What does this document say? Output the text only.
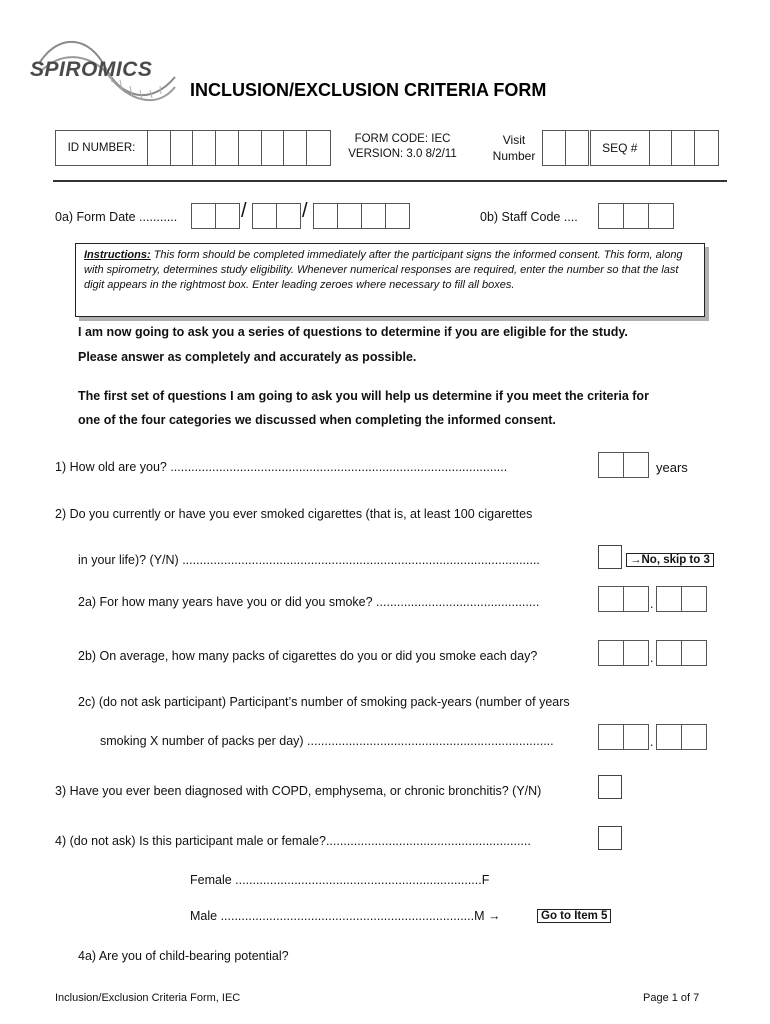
SPIROMICS
INCLUSION/EXCLUSION CRITERIA FORM
ID NUMBER:
FORM CODE: IEC
VERSION: 3.0 8/2/11
Visit
Number
SEQ #
0a) Form Date ...........	/	/	0b) Staff Code ....
Instructions: This form should be completed immediately after the participant signs the informed consent. This form, along with spirometry, determines study eligibility. Whenever numerical responses are required, enter the number so that the last digit appears in the rightmost box. Enter leading zeroes where necessary to fill all boxes.
I am now going to ask you a series of questions to determine if you are eligible for the study.
Please answer as completely and accurately as possible.
The first set of questions I am going to ask you will help us determine if you meet the criteria for
one of the four categories we discussed when completing the informed consent.
1) How old are you? .................................................................................................	years
2) Do you currently or have you ever smoked cigarettes (that is, at least 100 cigarettes
in your life)? (Y/N) .......................................................................................................	→No, skip to 3
2a) For how many years have you or did you smoke? ...............................................	.
2b) On average, how many packs of cigarettes do you or did you smoke each day?	.
2c) (do not ask participant) Participant’s number of smoking pack-years (number of years
smoking X number of packs per day) .......................................................................	.
3) Have you ever been diagnosed with COPD, emphysema, or chronic bronchitis? (Y/N)
4) (do not ask) Is this participant male or female?...........................................................
Female .......................................................................F
Male .........................................................................M →	Go to Item 5
4a) Are you of child-bearing potential?
Inclusion/Exclusion Criteria Form, IEC	Page 1 of 7
